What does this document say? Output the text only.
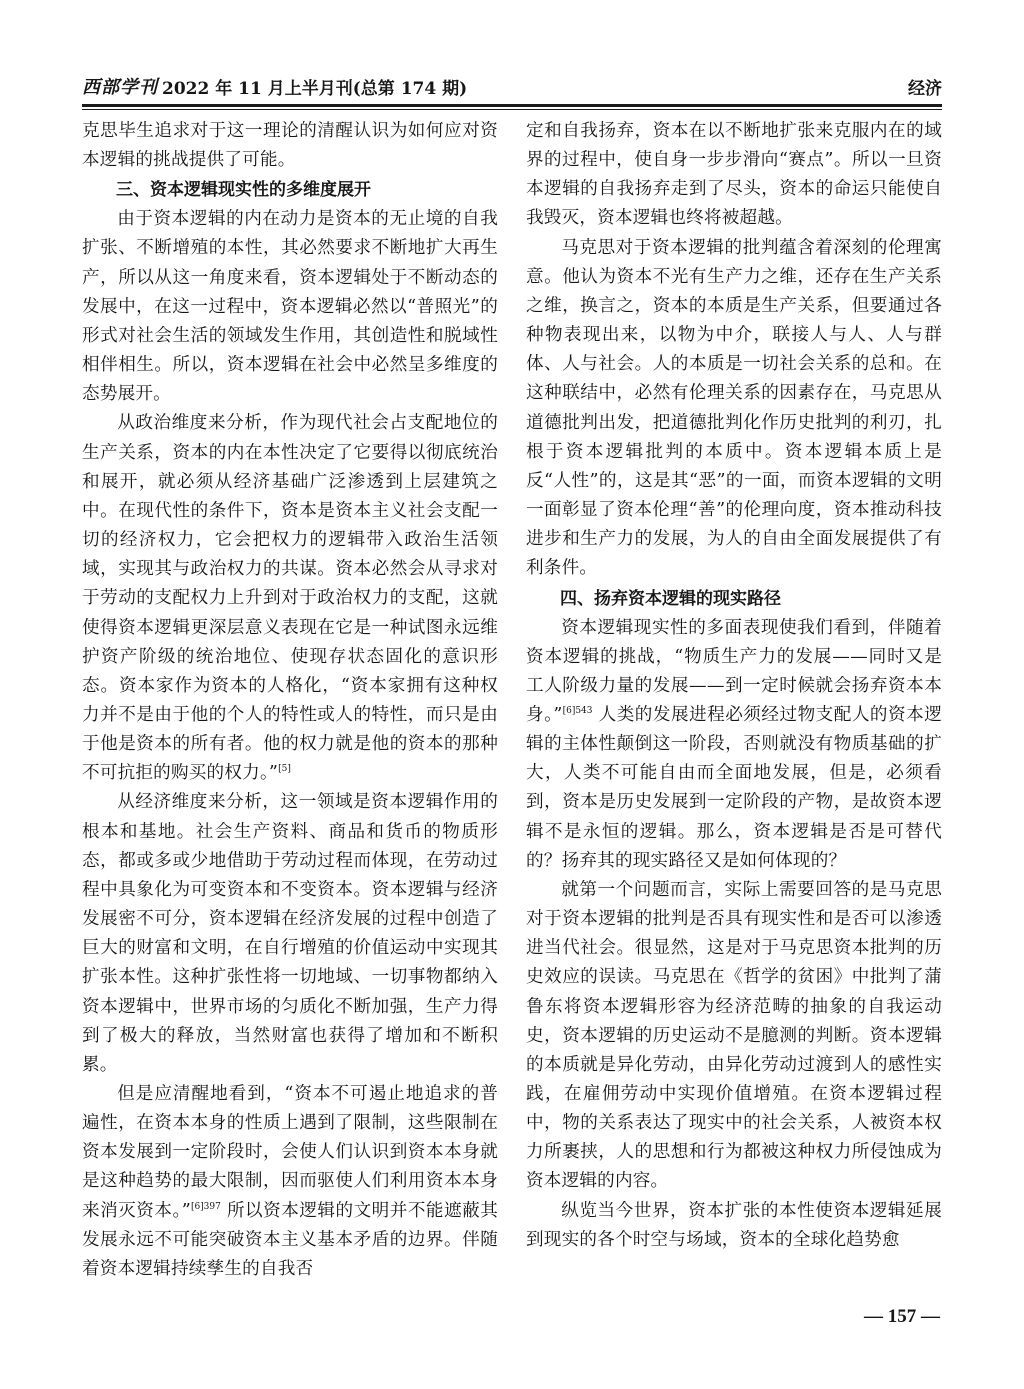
西部学刊 2022 年 11 月上半月刊(总第 174 期)	经济

克思毕生追求对于这一理论的清醒认识为如何应对资本逻辑的挑战提供了可能。

三、资本逻辑现实性的多维度展开

由于资本逻辑的内在动力是资本的无止境的自我扩张、不断增殖的本性，其必然要求不断地扩大再生产，所以从这一角度来看，资本逻辑处于不断动态的发展中，在这一过程中，资本逻辑必然以“普照光”的形式对社会生活的领域发生作用，其创造性和脱域性相伴相生。所以，资本逻辑在社会中必然呈多维度的态势展开。

从政治维度来分析，作为现代社会占支配地位的生产关系，资本的内在本性决定了它要得以彻底统治和展开，就必须从经济基础广泛渗透到上层建筑之中。在现代性的条件下，资本是资本主义社会支配一切的经济权力，它会把权力的逻辑带入政治生活领域，实现其与政治权力的共谋。资本必然会从寻求对于劳动的支配权力上升到对于政治权力的支配，这就使得资本逻辑更深层意义表现在它是一种试图永远维护资产阶级的统治地位、使现存状态固化的意识形态。资本家作为资本的人格化，“资本家拥有这种权力并不是由于他的个人的特性或人的特性，而只是由于他是资本的所有者。他的权力就是他的资本的那种不可抗拒的购买的权力。”[5]

从经济维度来分析，这一领域是资本逻辑作用的根本和基地。社会生产资料、商品和货币的物质形态，都或多或少地借助于劳动过程而体现，在劳动过程中具象化为可变资本和不变资本。资本逻辑与经济发展密不可分，资本逻辑在经济发展的过程中创造了巨大的财富和文明，在自行增殖的价值运动中实现其扩张本性。这种扩张性将一切地域、一切事物都纳入资本逻辑中，世界市场的匀质化不断加强，生产力得到了极大的释放，当然财富也获得了增加和不断积累。

但是应清醒地看到，“资本不可遏止地追求的普遍性，在资本本身的性质上遇到了限制，这些限制在资本发展到一定阶段时，会使人们认识到资本本身就是这种趋势的最大限制，因而驱使人们利用资本本身来消灭资本。”$^{[6]397}$ 所以资本逻辑的文明并不能遮蔽其发展永远不可能突破资本主义基本矛盾的边界。伴随着资本逻辑持续孳生的自我否

定和自我扬弃，资本在以不断地扩张来克服内在的域界的过程中，使自身一步步滑向“赛点”。所以一旦资本逻辑的自我扬弃走到了尽头，资本的命运只能使自我毁灭，资本逻辑也终将被超越。

马克思对于资本逻辑的批判蕴含着深刻的伦理寓意。他认为资本不光有生产力之维，还存在生产关系之维，换言之，资本的本质是生产关系，但要通过各种物表现出来，以物为中介，联接人与人、人与群体、人与社会。人的本质是一切社会关系的总和。在这种联结中，必然有伦理关系的因素存在，马克思从道德批判出发，把道德批判化作历史批判的利刃，扎根于资本逻辑批判的本质中。资本逻辑本质上是反“人性”的，这是其“恶”的一面，而资本逻辑的文明一面彰显了资本伦理“善”的伦理向度，资本推动科技进步和生产力的发展，为人的自由全面发展提供了有利条件。

四、扬弃资本逻辑的现实路径

资本逻辑现实性的多面表现使我们看到，伴随着资本逻辑的挑战，“物质生产力的发展——同时又是工人阶级力量的发展——到一定时候就会扬弃资本本身。”$^{[6]543}$ 人类的发展进程必须经过物支配人的资本逻辑的主体性颠倒这一阶段，否则就没有物质基础的扩大，人类不可能自由而全面地发展，但是，必须看到，资本是历史发展到一定阶段的产物，是故资本逻辑不是永恒的逻辑。那么，资本逻辑是否是可替代的？扬弃其的现实路径又是如何体现的？

就第一个问题而言，实际上需要回答的是马克思对于资本逻辑的批判是否具有现实性和是否可以渗透进当代社会。很显然，这是对于马克思资本批判的历史效应的误读。马克思在《哲学的贫困》中批判了蒲鲁东将资本逻辑形容为经济范畴的抽象的自我运动史，资本逻辑的历史运动不是臆测的判断。资本逻辑的本质就是异化劳动，由异化劳动过渡到人的感性实践，在雇佣劳动中实现价值增殖。在资本逻辑过程中，物的关系表达了现实中的社会关系，人被资本权力所裹挟，人的思想和行为都被这种权力所侵蚀成为资本逻辑的内容。

纵览当今世界，资本扩张的本性使资本逻辑延展到现实的各个时空与场域，资本的全球化趋势愈

— 157 —
